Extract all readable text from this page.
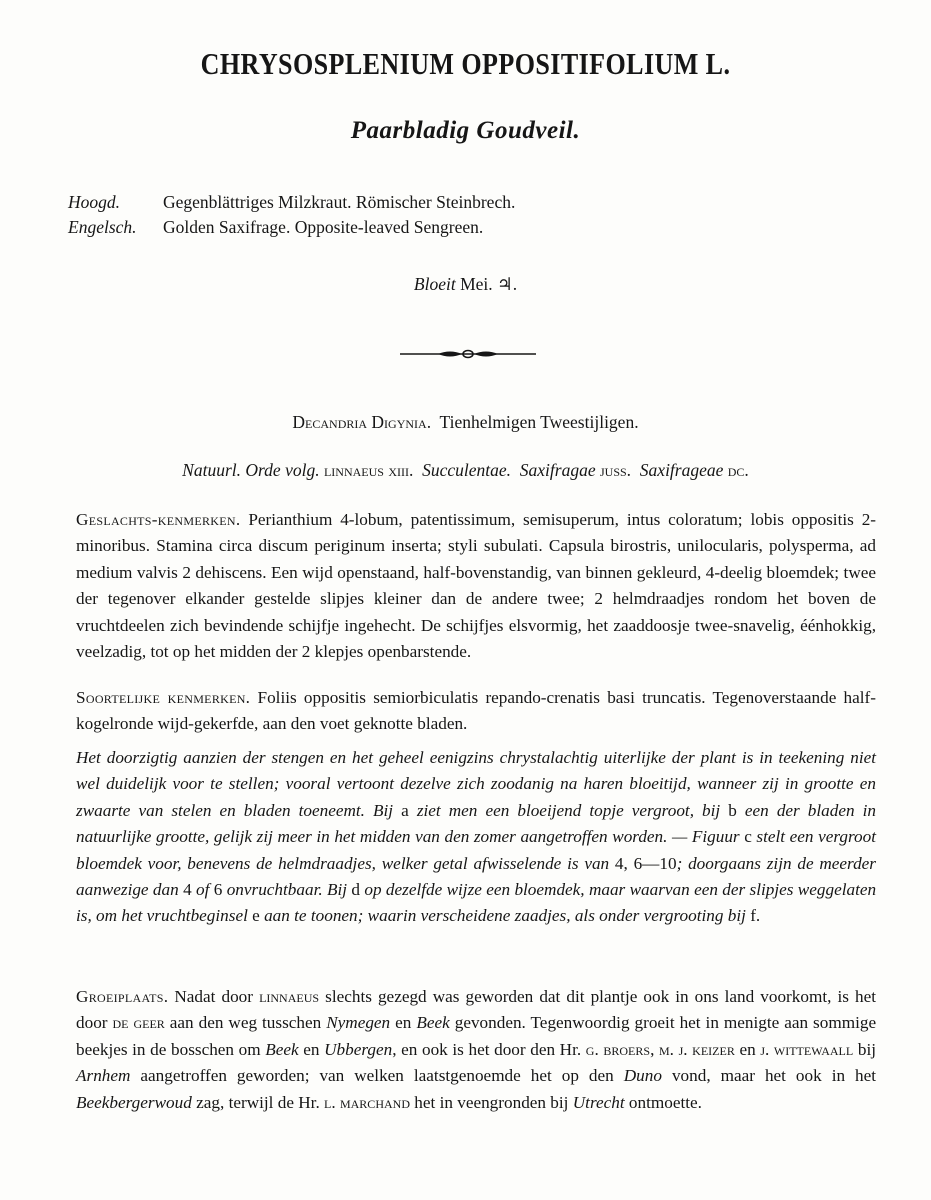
CHRYSOSPLENIUM OPPOSITIFOLIUM L.
Paarbladig Goudveil.
Hoogd. Gegenblättriges Milzkraut. Römischer Steinbrech.
Engelsch. Golden Saxifrage. Opposite-leaved Sengreen.
Bloeit Mei. ♃.
Decandria Digynia. Tienhelmigen Tweestijligen.
Natuurl. Orde volg. linnaeus xiii. Succulentae. Saxifragae juss. Saxifrageae dc.
Geslachts-kenmerken. Perianthium 4-lobum, patentissimum, semisuperum, intus coloratum; lobis oppositis 2-minoribus. Stamina circa discum periginum inserta; styli subulati. Capsula birostris, unilocularis, polysperma, ad medium valvis 2 dehiscens. Een wijd openstaand, half-bovenstandig, van binnen gekleurd, 4-deelig bloemdek; twee der tegenover elkander gestelde slipjes kleiner dan de andere twee; 2 helmdraadjes rondom het boven de vruchtdeelen zich bevindende schijfje ingehecht. De schijfjes elsvormig, het zaaddoosje twee-snavelig, éénhokkig, veelzadig, tot op het midden der 2 klepjes openbarstende.
Soortelijke kenmerken. Foliis oppositis semiorbiculatis repando-crenatis basi truncatis. Tegenoverstaande half-kogelronde wijd-gekerfde, aan den voet geknotte bladen.
Het doorzigtig aanzien der stengen en het geheel eenigzins chrystalachtig uiterlijke der plant is in teekening niet wel duidelijk voor te stellen; vooral vertoont dezelve zich zoodanig na haren bloeitijd, wanneer zij in grootte en zwaarte van stelen en bladen toeneemt. Bij a ziet men een bloeijend topje vergroot, bij b een der bladen in natuurlijke grootte, gelijk zij meer in het midden van den zomer aangetroffen worden. — Figuur c stelt een vergroot bloemdek voor, benevens de helmdraadjes, welker getal afwisselende is van 4, 6—10; doorgaans zijn de meerder aanwezige dan 4 of 6 onvruchtbaar. Bij d op dezelfde wijze een bloemdek, maar waarvan een der slipjes weggelaten is, om het vruchtbeginsel e aan te toonen; waarin verscheidene zaadjes, als onder vergrooting bij f.
Groeiplaats. Nadat door linnaeus slechts gezegd was geworden dat dit plantje ook in ons land voorkomt, is het door de geer aan den weg tusschen Nymegen en Beek gevonden. Tegenwoordig groeit het in menigte aan sommige beekjes in de bosschen om Beek en Ubbergen, en ook is het door den Hr. g. broers, m. j. keizer en j. wittewaall bij Arnhem aangetroffen geworden; van welken laatstgenoemde het op den Duno vond, maar het ook in het Beekbergerwoud zag, terwijl de Hr. l. marchand het in veengronden bij Utrecht ontmoette.
